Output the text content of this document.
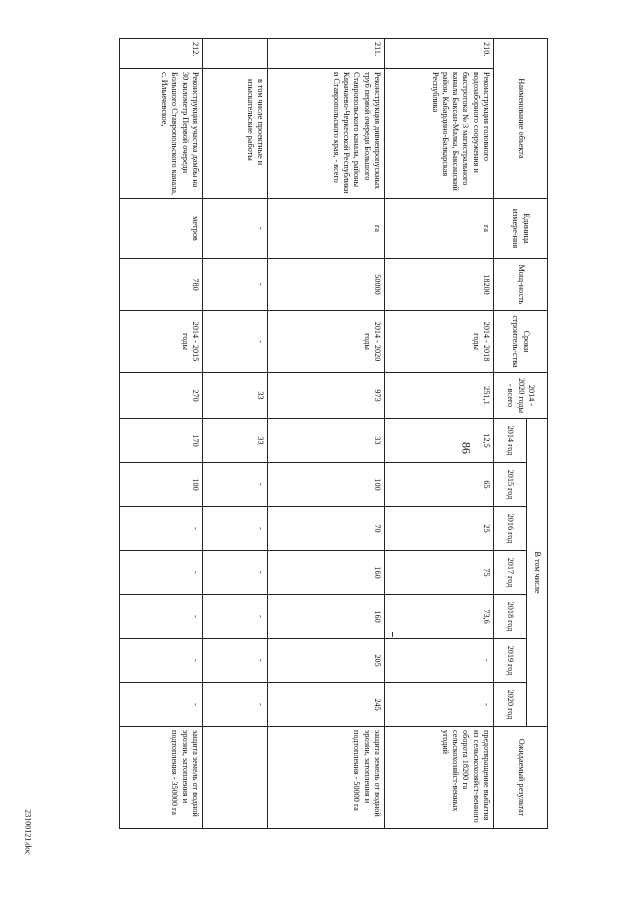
86
23100121.doc
Наименование объекта		Единица измере-ния	Мощ-ность	Сроки строитель-ства	2014 - 2020 годы - всего	В том числе							Ожидаемый результат
						2014 год	2015 год	2016 год	2017 год	2018 год	2019 год	2020 год	
210.	Реконструкция головного водозаборного сооружения и быстротока № 3 магистрального канала Баксан-Малка, Баксанский район, Кабардино-Балкарская Республика	га	18200	2014 - 2018 годы	251,1	12,5	65	25	75	73,6	-	-	предотвращение выбытия из сельскохозяйст-венного оборота 18200 га сельскохозяйст-венных угодий
211.	Реконструкция дивиепропускных труб первой очереди Большого Ставропольского канала, районы Карачаево-Черкесской Республики и Ставропольского края, - всего	га	50000	2014 - 2020 годы	973	33	100	70	160	160	205	245	защита земель от водной эрозии, затопления и подтопления - 50000 га
	в том числе проектные и изыскательские работы	-	-	-	33	33	-	-	-	-	-	-	
212.	Реконструкция участка дамбы на 30 километр Первой очереди Большого Ставропольского канала, с. Ильичевское,	метров	780	2014 - 2015 годы	270	170	100	-	-	-	-	-	защита земель от водной эрозии, затопления и подтопления - 350000 га
